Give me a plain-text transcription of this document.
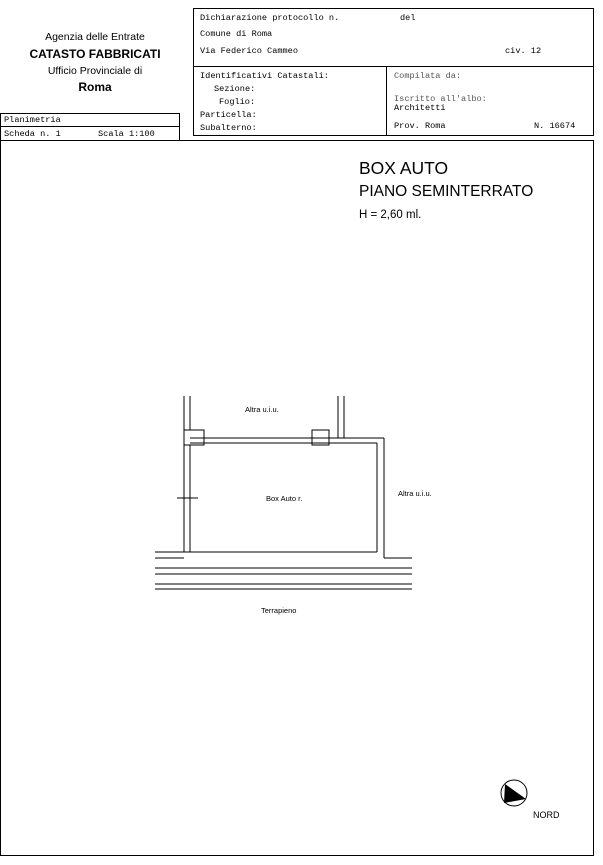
Agenzia delle Entrate
CATASTO FABBRICATI
Ufficio Provinciale di
Roma
Dichiarazione protocollo n.	del
Comune di Roma
Via Federico Cammeo	civ. 12
Identificativi Catastali:
Sezione:
Foglio:
Particella:
Subalterno:
Compilata da:
Iscritto all'albo:
Architetti
Prov. Roma	N. 16674
Planimetria
Scheda n. 1	Scala 1:100
BOX AUTO
PIANO SEMINTERRATO
H = 2,60 ml.
Altra u.i.u.
Altra u.i.u.
Box Auto r.
Terrapieno
NORD
